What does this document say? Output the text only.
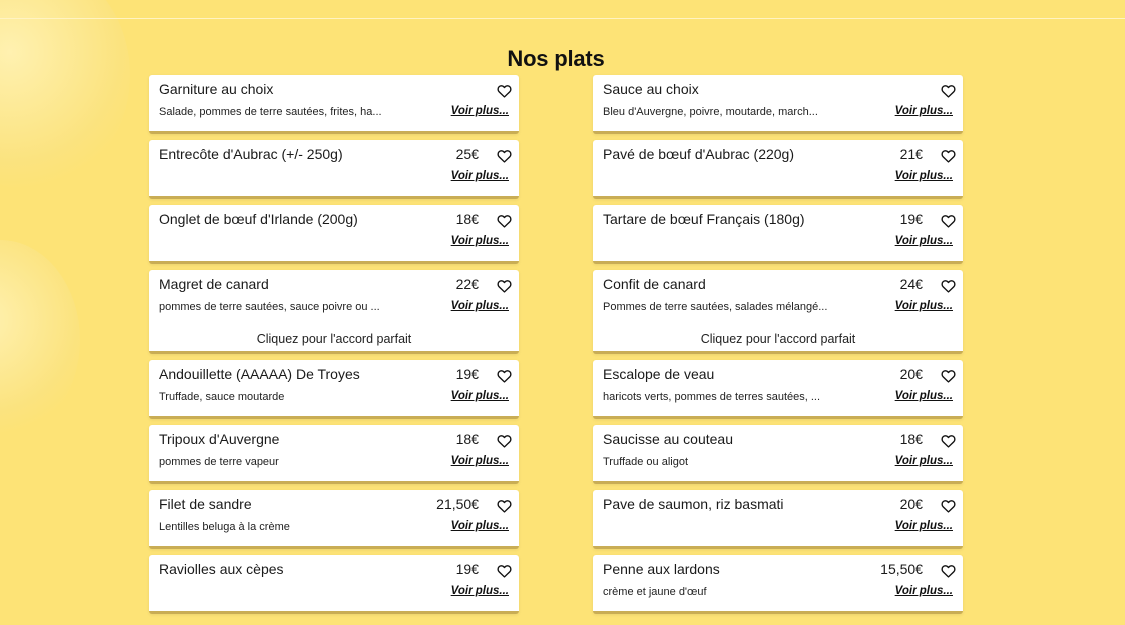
Nos plats
Garniture au choix
Salade, pommes de terre sautées, frites, ha...	Voir plus...
Entrecôte d'Aubrac (+/- 250g)	25€
Voir plus...
Onglet de bœuf d'Irlande (200g)	18€
Voir plus...
Magret de canard	22€
pommes de terre sautées, sauce poivre ou ...	Voir plus...
Cliquez pour l'accord parfait
Andouillette (AAAAA) De Troyes	19€
Truffade, sauce moutarde	Voir plus...
Tripoux d'Auvergne	18€
pommes de terre vapeur	Voir plus...
Filet de sandre	21,50€
Lentilles beluga à la crème	Voir plus...
Raviolles aux cèpes	19€
Voir plus...
Sauce au choix
Bleu d'Auvergne, poivre, moutarde, march...	Voir plus...
Pavé de bœuf d'Aubrac (220g)	21€
Voir plus...
Tartare de bœuf Français (180g)	19€
Voir plus...
Confit de canard	24€
Pommes de terre sautées, salades mélangé...	Voir plus...
Cliquez pour l'accord parfait
Escalope de veau	20€
haricots verts, pommes de terres sautées, ...	Voir plus...
Saucisse au couteau	18€
Truffade ou aligot	Voir plus...
Pave de saumon, riz basmati	20€
Voir plus...
Penne aux lardons	15,50€
crème et jaune d'œuf	Voir plus...
